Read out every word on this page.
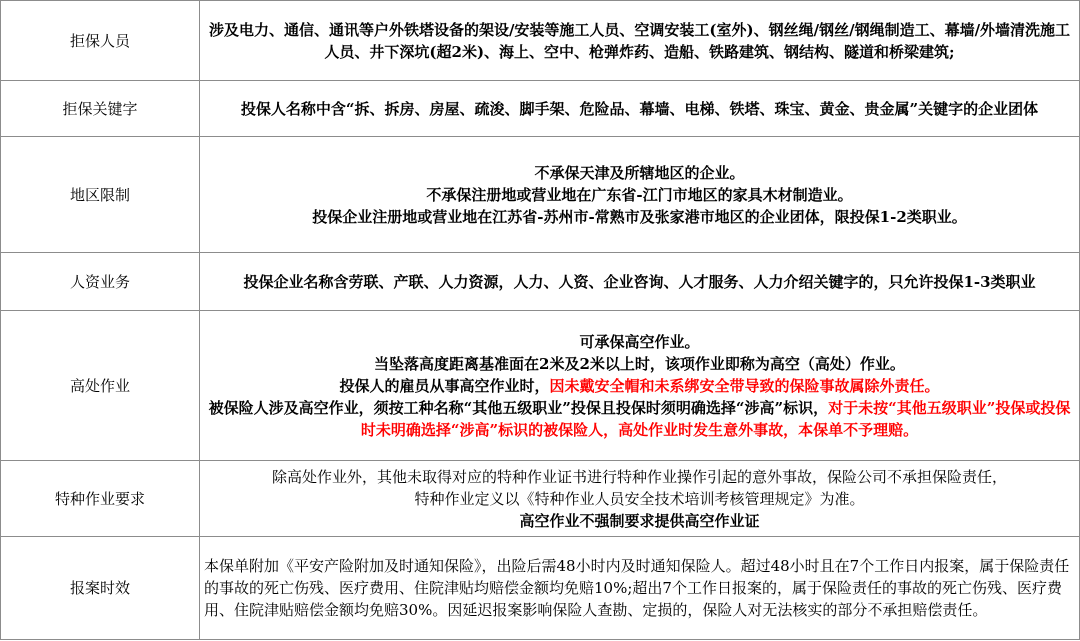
拒保人员	涉及电力、通信、通讯等户外铁塔设备的架设/安装等施工人员、空调安装工(室外)、钢丝绳/钢丝/钢绳制造工、幕墙/外墙清洗施工人员、井下深坑(超2米)、海上、空中、枪弹炸药、造船、铁路建筑、钢结构、隧道和桥梁建筑;
拒保关键字	投保人名称中含“拆、拆房、房屋、疏浚、脚手架、危险品、幕墙、电梯、铁塔、珠宝、黄金、贵金属”关键字的企业团体
地区限制	不承保天津及所辖地区的企业。
不承保注册地或营业地在广东省-江门市地区的家具木材制造业。
投保企业注册地或营业地在江苏省-苏州市-常熟市及张家港市地区的企业团体，限投保1-2类职业。

人资业务	投保企业名称含劳联、产联、人力资源，人力、人资、企业咨询、人才服务、人力介绍关键字的，只允许投保1-3类职业
高处作业	可承保高空作业。
当坠落高度距离基准面在2米及2米以上时，该项作业即称为高空（高处）作业。
投保人的雇员从事高空作业时，因未戴安全帽和未系绑安全带导致的保险事故属除外责任。
被保险人涉及高空作业，须按工种名称“其他五级职业”投保且投保时须明确选择“涉高”标识，对于未按“其他五级职业”投保或投保时未明确选择“涉高”标识的被保险人，高处作业时发生意外事故，本保单不予理赔。

特种作业要求	除高处作业外，其他未取得对应的特种作业证书进行特种作业操作引起的意外事故，保险公司不承担保险责任，
特种作业定义以《特种作业人员安全技术培训考核管理规定》为准。
高空作业不强制要求提供高空作业证

报案时效	本保单附加《平安产险附加及时通知保险》，出险后需48小时内及时通知保险人。超过48小时且在7个工作日内报案，属于保险责任的事故的死亡伤残、医疗费用、住院津贴均赔偿金额均免赔10%;超出7个工作日报案的，属于保险责任的事故的死亡伤残、医疗费用、住院津贴赔偿金额均免赔30%。因延迟报案影响保险人查勘、定损的，保险人对无法核实的部分不承担赔偿责任。
